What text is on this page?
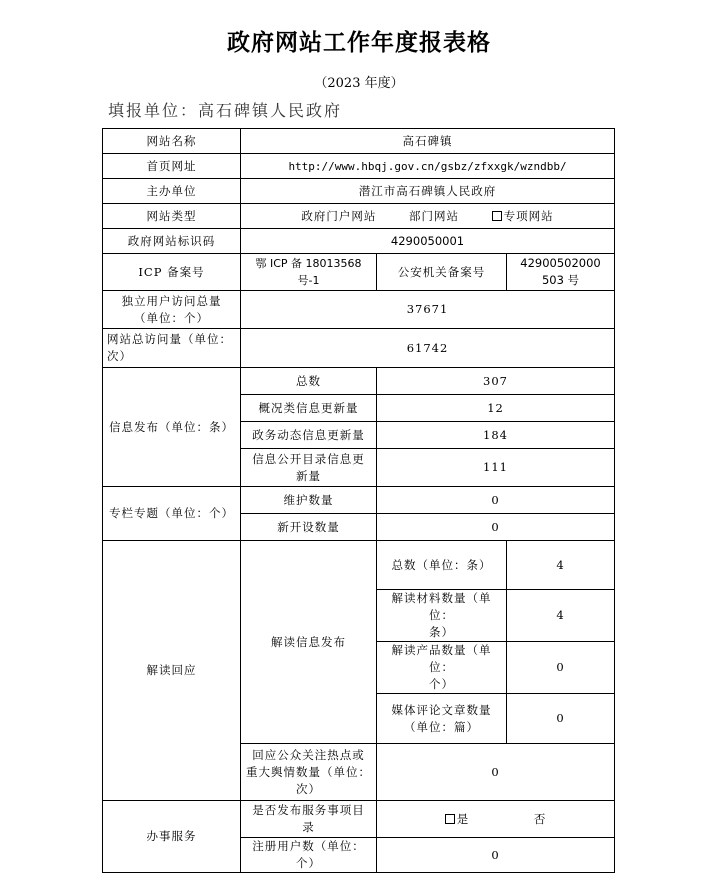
政府网站工作年度报表格
（2023 年度）
填报单位：高石碑镇人民政府
网站名称	高石碑镇		
首页网址	http://www.hbqj.gov.cn/gsbz/zfxxgk/wzndbb/		
主办单位	潜江市高石碑镇人民政府		
网站类型	政府门户网站 部门网站 专项网站		
政府网站标识码	4290050001		
ICP 备案号	鄂 ICP 备 18013568 号-1	公安机关备案号	42900502000
503 号

独立用户访问总量
（单位：个）	37671		

网站总访问量（单位：
次）	61742		
信息发布（单位：条）	总数	307	
	概况类信息更新量	12	
	政务动态信息更新量	184	

	信息公开目录信息更
新量	111	
专栏专题（单位：个）	维护数量	0	
	新开设数量	0	
解读回应	解读信息发布	总数（单位：条）	4

		解读材料数量（单位：
条）	4

		解读产品数量（单位：
个）	0

		媒体评论文章数量
（单位：篇）	0

	回应公众关注热点或
重大舆情数量（单位：
次）	0	
办事服务	是否发布服务事项目
录	是 否	
	注册用户数（单位：个）	0	
